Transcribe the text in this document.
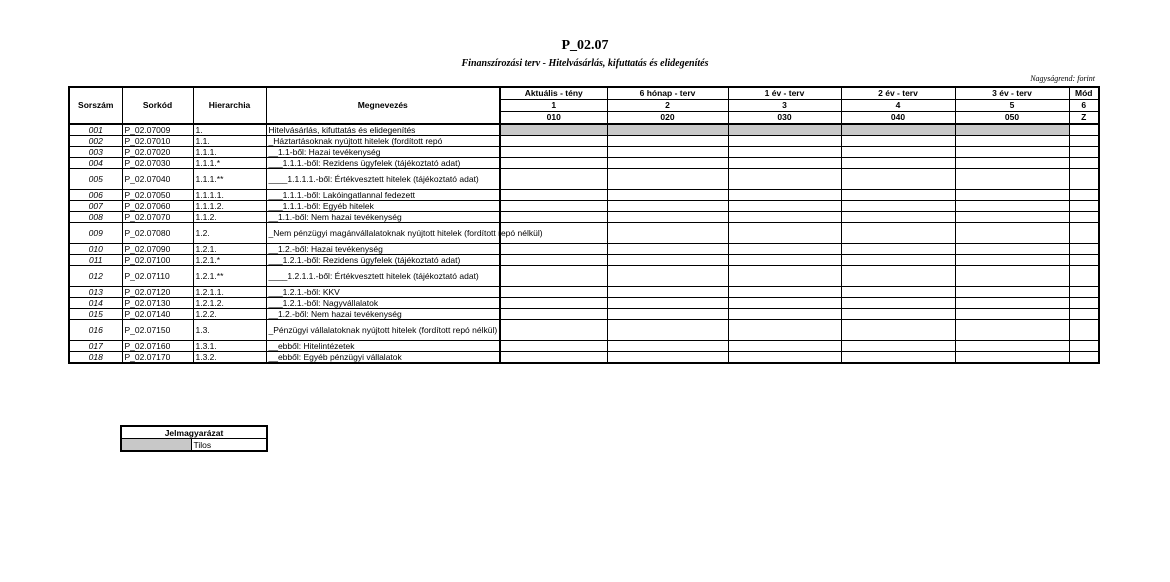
P_02.07
Finanszírozási terv - Hitelvásárlás, kifuttatás és elidegenítés
Nagyságrend: forint
Sorszám	Sorkód	Hierarchia	Megnevezés	Aktuális - tény	6 hónap - terv	1 év - terv	2 év - terv	3 év - terv	Mód
				1	2	3	4	5	6
				010	020	030	040	050	Z
001	P_02.07009	1.	Hitelvásárlás, kifuttatás és elidegenítés						
002	P_02.07010	1.1.	_Háztartásoknak nyújtott hitelek (fordított repó						
003	P_02.07020	1.1.1.	__1.1-ből: Hazai tevékenység						
004	P_02.07030	1.1.1.*	___1.1.1.-ből: Rezidens ügyfelek (tájékoztató adat)						
005	P_02.07040	1.1.1.**	____1.1.1.1.-ből: Értékvesztett hitelek (tájékoztató adat)						
006	P_02.07050	1.1.1.1.	___1.1.1.-ből: Lakóingatlannal fedezett						
007	P_02.07060	1.1.1.2.	___1.1.1.-ből: Egyéb hitelek						
008	P_02.07070	1.1.2.	__1.1.-ből: Nem hazai tevékenység						
009	P_02.07080	1.2.	_Nem pénzügyi magánvállalatoknak nyújtott hitelek (fordított repó nélkül)						
010	P_02.07090	1.2.1.	__1.2.-ből: Hazai tevékenység						
011	P_02.07100	1.2.1.*	___1.2.1.-ből: Rezidens ügyfelek (tájékoztató adat)						
012	P_02.07110	1.2.1.**	____1.2.1.1.-ből: Értékvesztett hitelek (tájékoztató adat)						
013	P_02.07120	1.2.1.1.	___1.2.1.-ből: KKV						
014	P_02.07130	1.2.1.2.	___1.2.1.-ből: Nagyvállalatok						
015	P_02.07140	1.2.2.	__1.2.-ből: Nem hazai tevékenység						
016	P_02.07150	1.3.	_Pénzügyi vállalatoknak nyújtott hitelek (fordított repó nélkül)						
017	P_02.07160	1.3.1.	__ebből: Hitelintézetek						
018	P_02.07170	1.3.2.	__ebből: Egyéb pénzügyi vállalatok						
Jelmagyarázat
	Tilos
